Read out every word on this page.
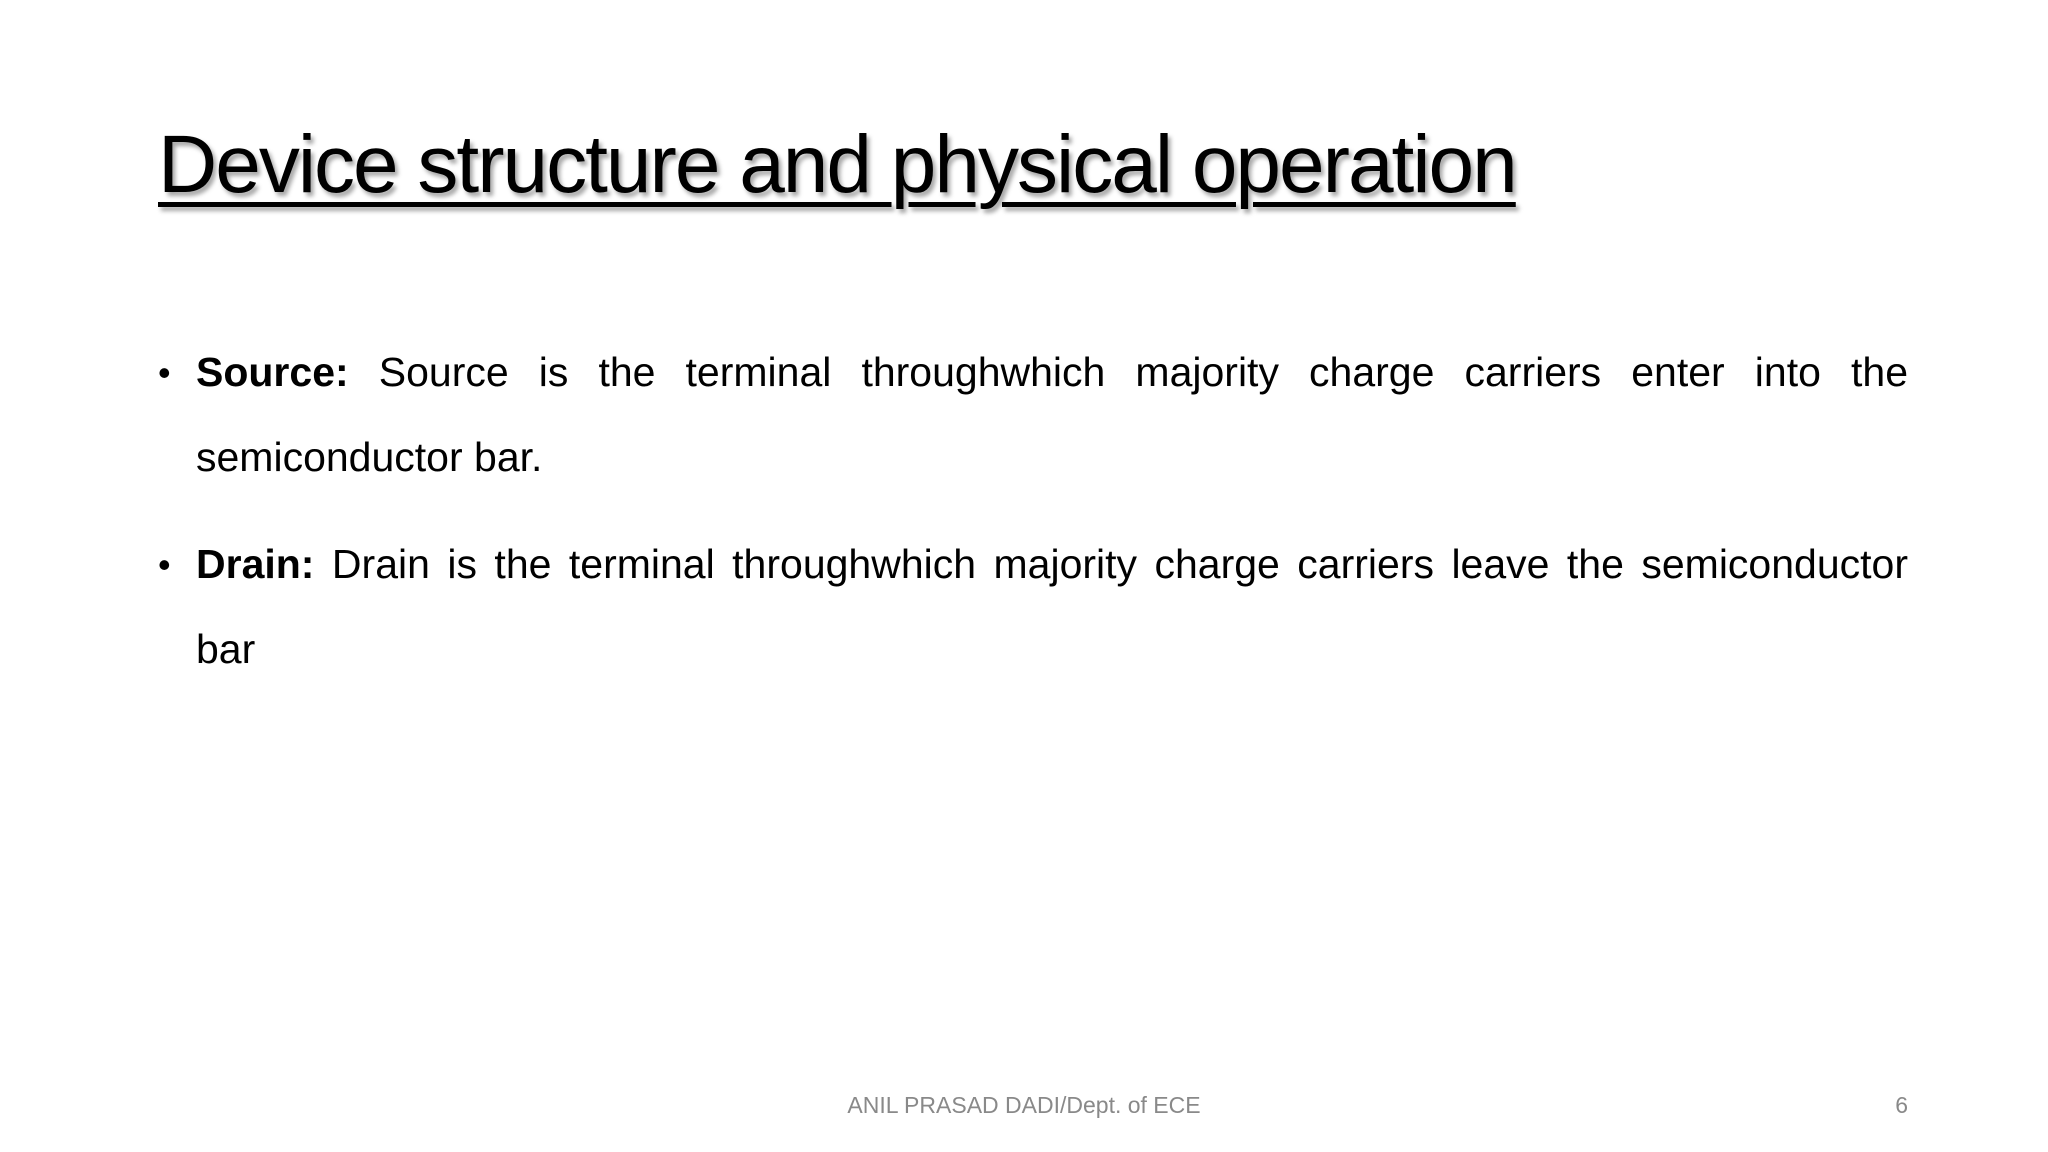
Device structure and physical operation
• Source: Source is the terminal throughwhich majority charge carriers enter into the semiconductor bar.
• Drain: Drain is the terminal throughwhich majority charge carriers leave the semiconductor bar
ANIL PRASAD DADI/Dept. of ECE	6
